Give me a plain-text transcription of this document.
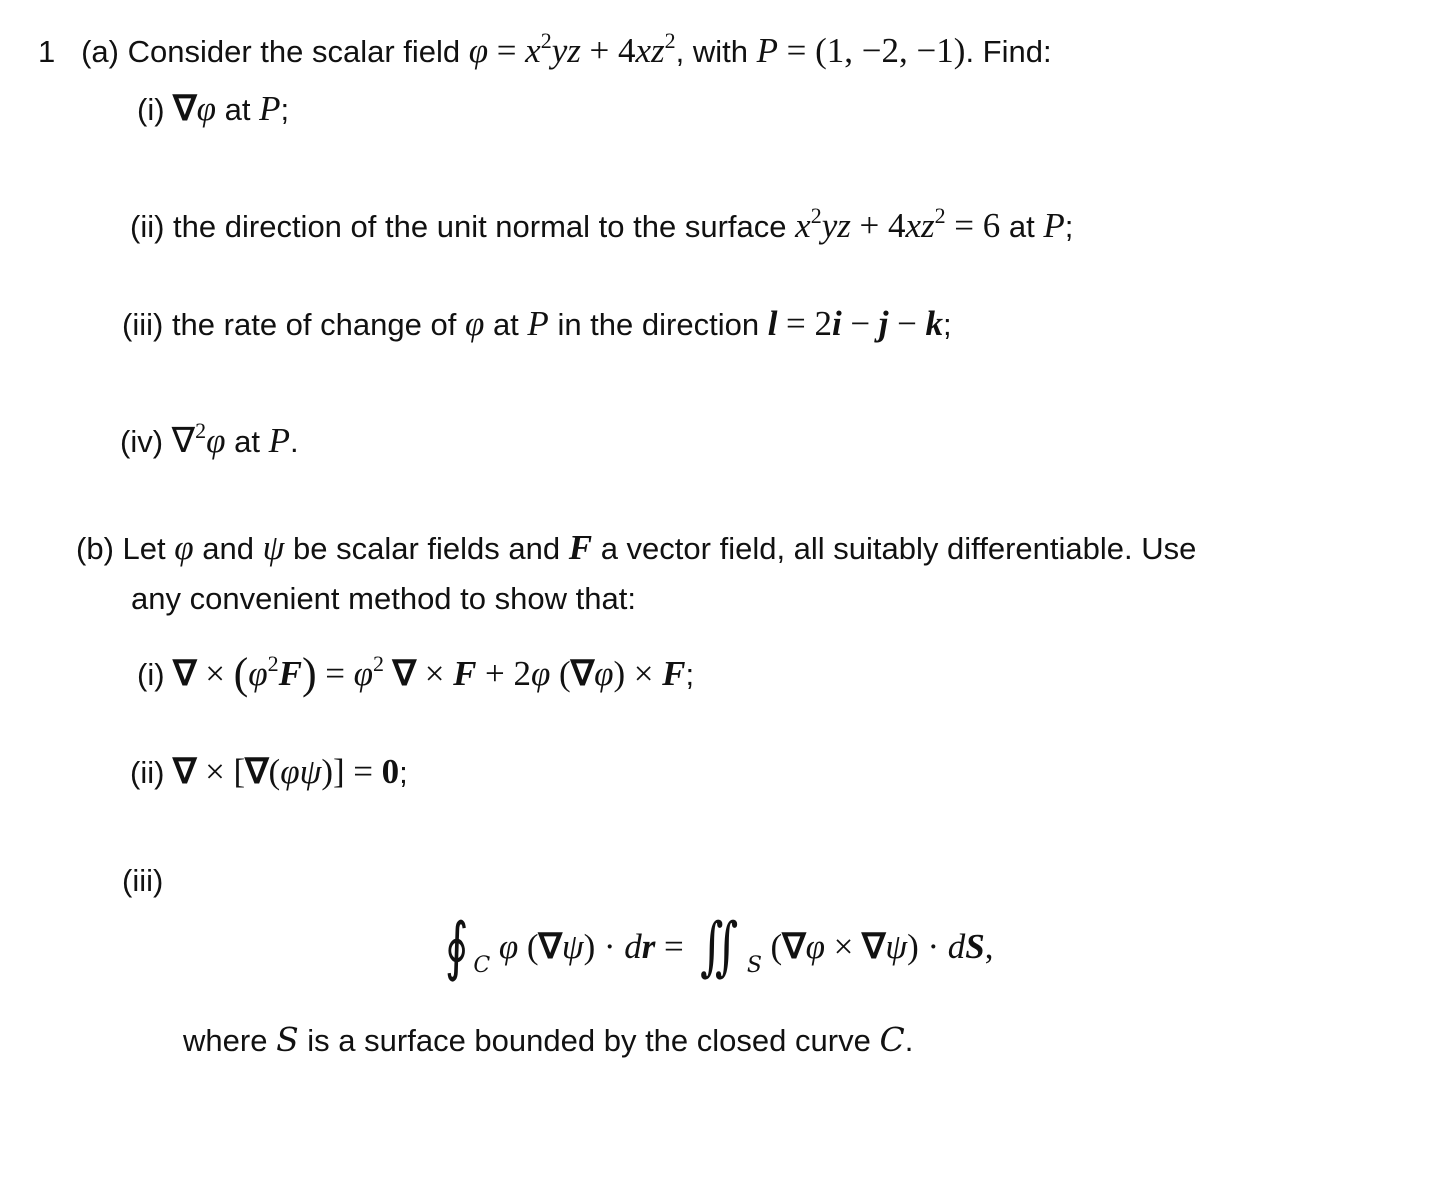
1 (a) Consider the scalar field $\varphi = x^2yz + 4xz^2$, with P = (1, −2, −1). Find:
(i) ∇φ at P;
(ii) the direction of the unit normal to the surface $x^2yz + 4xz^2 = 6$ at P;
(iii) the rate of change of φ at P in the direction l = 2i − j − k;
(iv) ∇$^2$φ at P.
(b) Let φ and ψ be scalar fields and F a vector field, all suitably differentiable. Use
any convenient method to show that:
(i) ∇ × $(\varphi^2F) = \varphi^2$ ∇ × F + 2φ (∇φ) × F;
(ii) ∇ × [∇(φψ)] = 0;
(iii)
∮ $_C$ φ (∇ψ) · dr = ∬ $_S$ (∇φ × ∇ψ) · dS,
where S is a surface bounded by the closed curve C.
